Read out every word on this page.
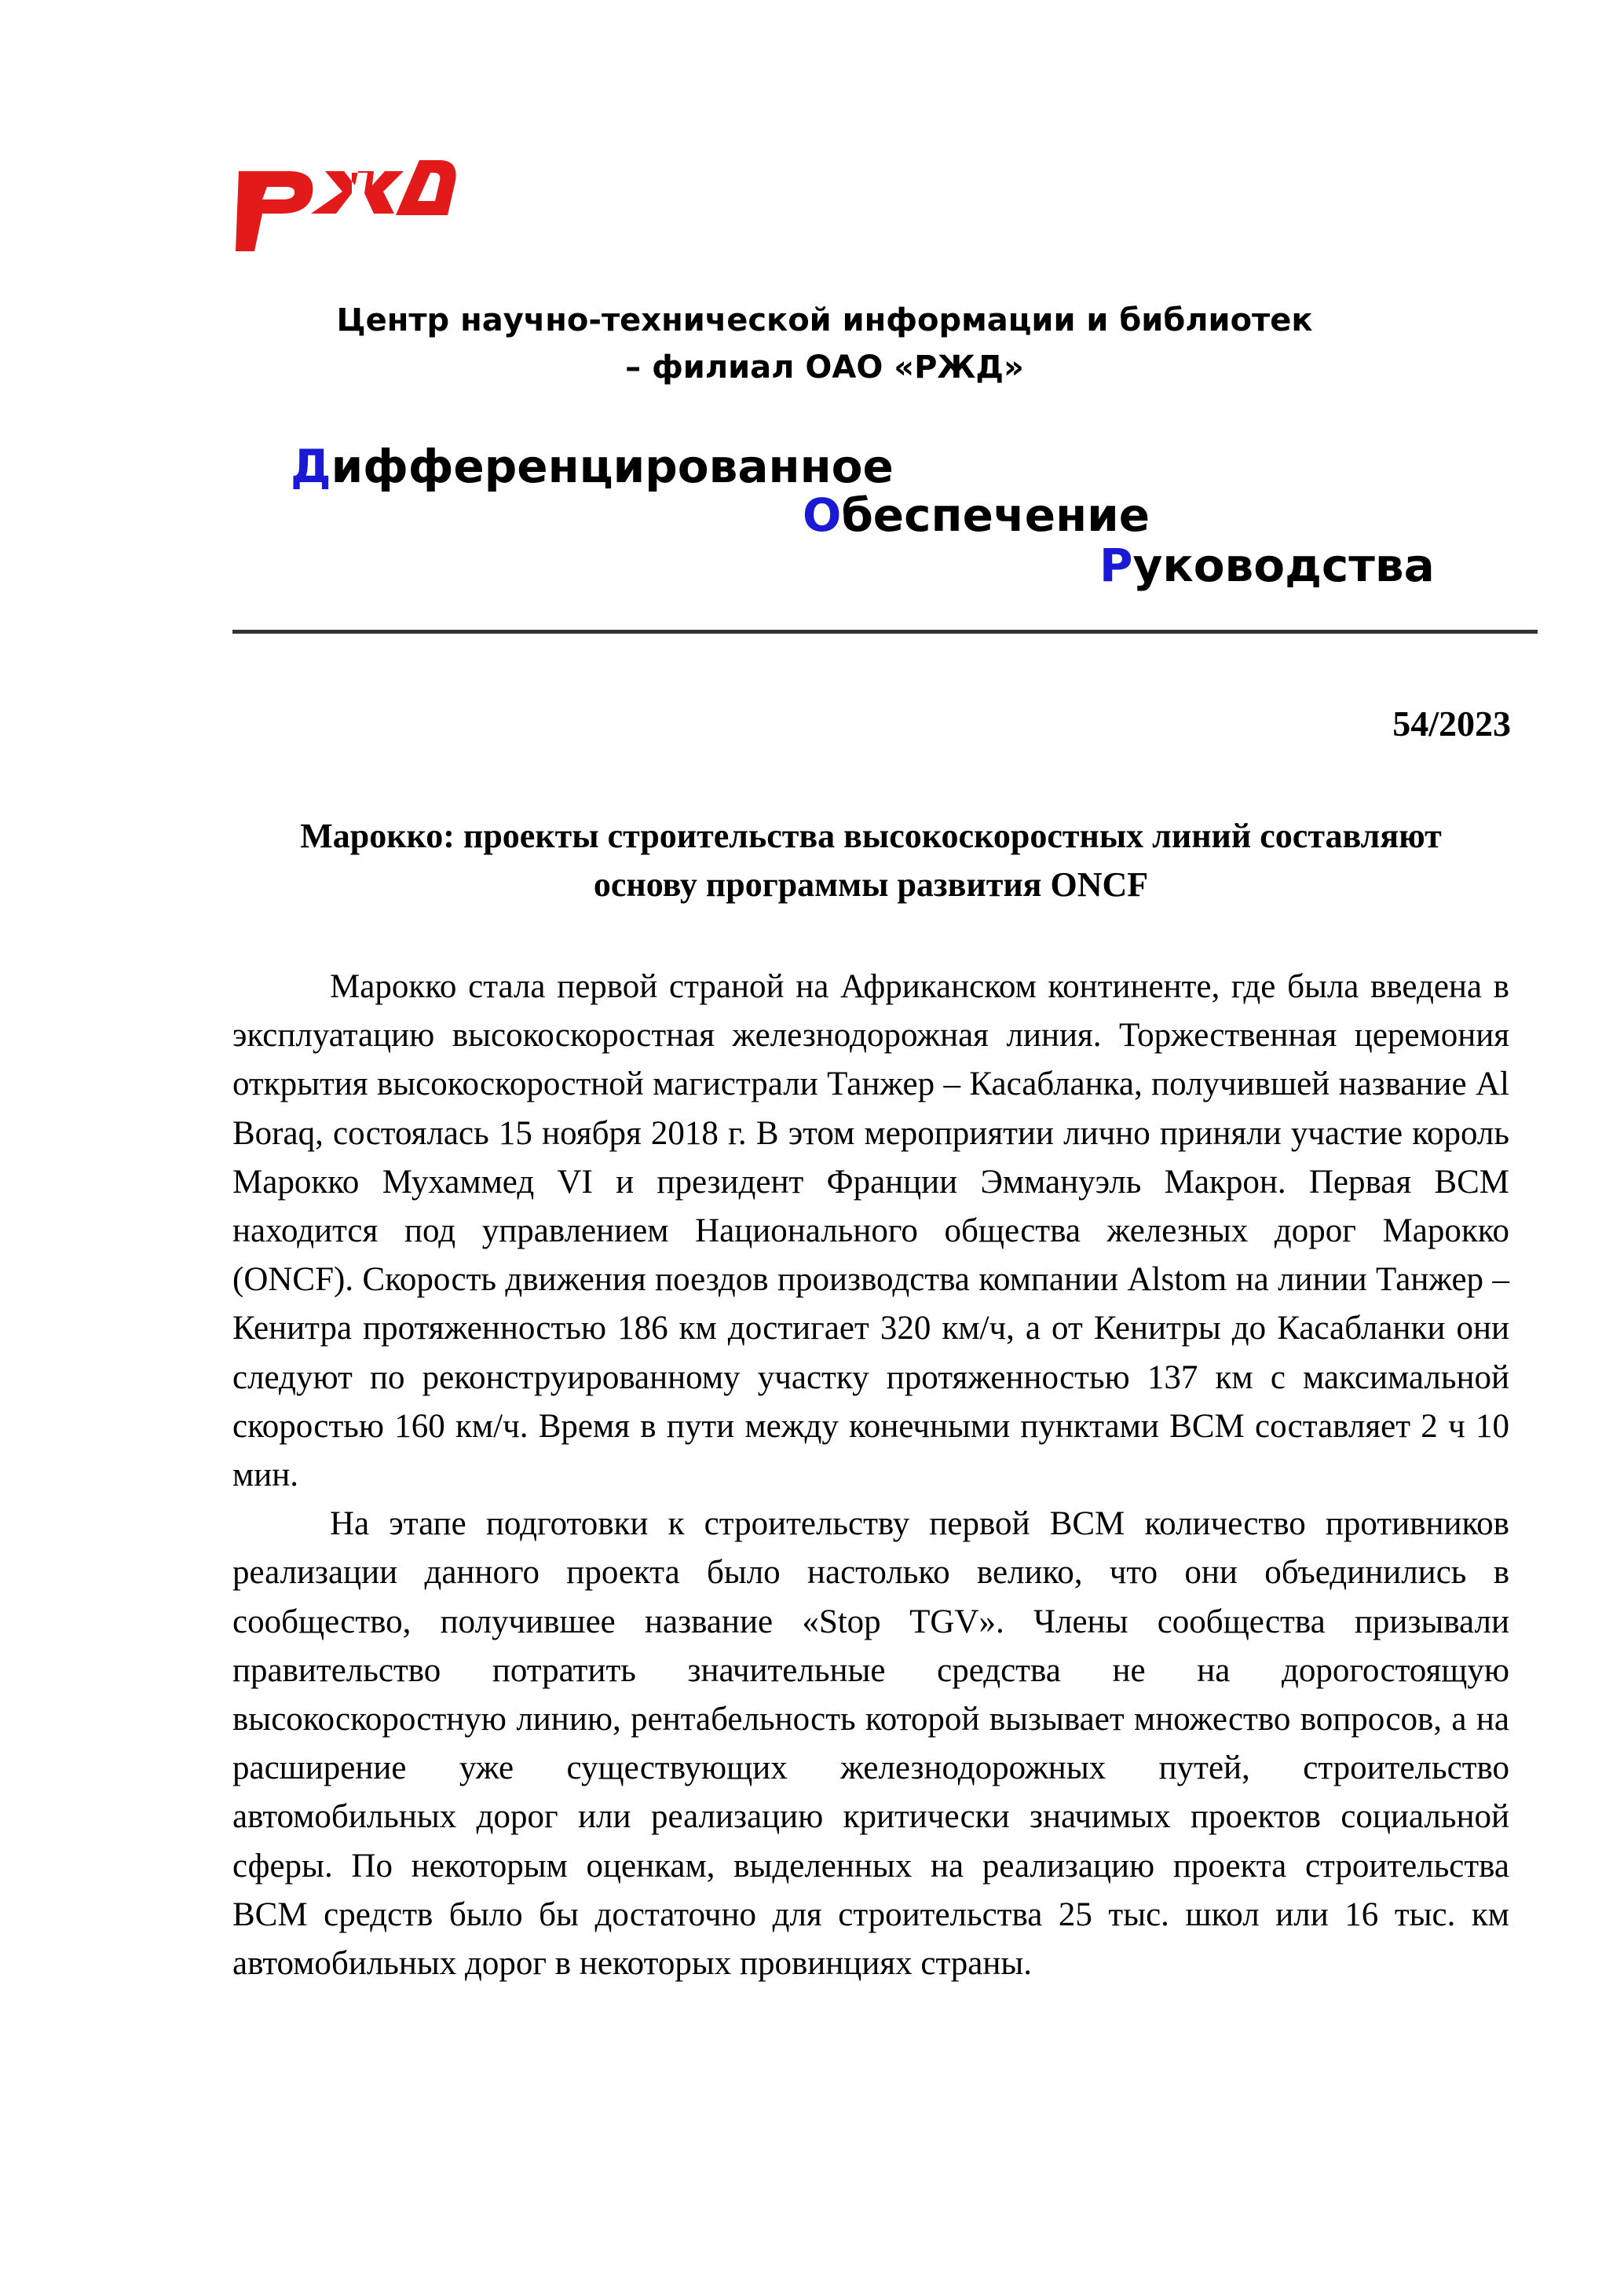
Центр научно-технической информации и библиотек
– филиал ОАО «РЖД»
Дифференцированное
Обеспечение
Руководства
54/2023
Марокко: проекты строительства высокоскоростных линий составляют
основу программы развития ONCF

Марокко стала первой страной на Африканском континенте, где была введена в эксплуатацию высокоскоростная железнодорожная линия. Торжественная церемония открытия высокоскоростной магистрали Танжер – Касабланка, получившей название Al Boraq, состоялась 15 ноября 2018 г. В этом мероприятии лично приняли участие король Марокко Мухаммед VI и президент Франции Эммануэль Макрон. Первая ВСМ находится под управлением Национального общества железных дорог Марокко (ONCF). Скорость движения поездов производства компании Alstom на линии Танжер – Кенитра протяженностью 186 км достигает 320 км/ч, а от Кенитры до Касабланки они следуют по реконструированному участку протяженностью 137 км с максимальной скоростью 160 км/ч. Время в пути между конечными пунктами ВСМ составляет 2 ч 10 мин.

На этапе подготовки к строительству первой ВСМ количество противников реализации данного проекта было настолько велико, что они объединились в сообщество, получившее название «Stop TGV». Члены сообщества призывали правительство потратить значительные средства не на дорогостоящую высокоскоростную линию, рентабельность которой вызывает множество вопросов, а на расширение уже существующих железнодорожных путей, строительство автомобильных дорог или реализацию критически значимых проектов социальной сферы. По некоторым оценкам, выделенных на реализацию проекта строительства ВСМ средств было бы достаточно для строительства 25 тыс. школ или 16 тыс. км автомобильных дорог в некоторых провинциях страны.
